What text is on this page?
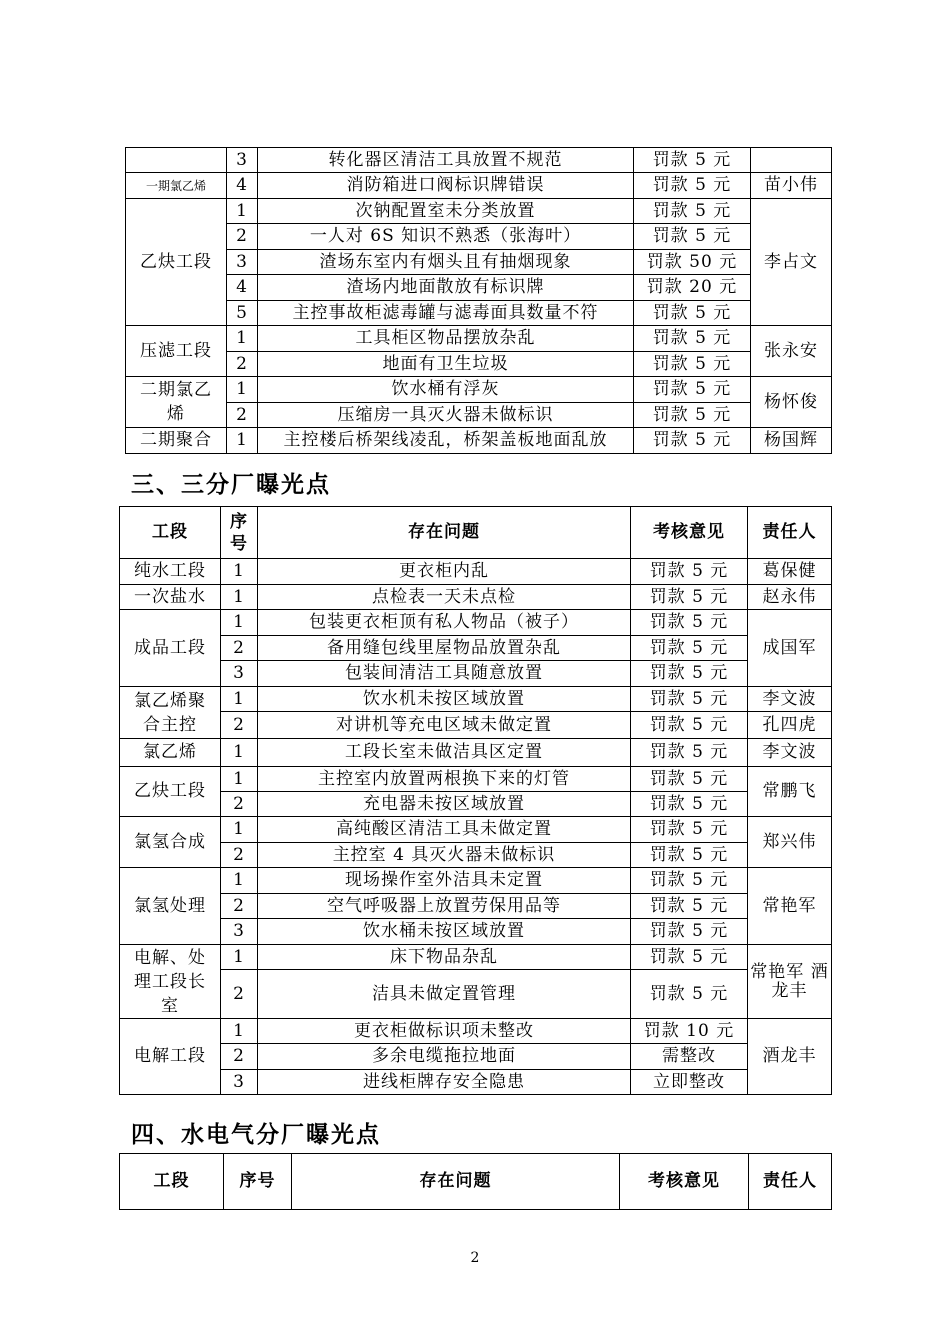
	3	转化器区清洁工具放置不规范	罚款 5 元	
一期氯乙烯	4	消防箱进口阀标识牌错误	罚款 5 元	苗小伟
乙炔工段	1	次钠配置室未分类放置	罚款 5 元	李占文
	2	一人对 6S 知识不熟悉（张海叶）	罚款 5 元	
	3	渣场东室内有烟头且有抽烟现象	罚款 50 元	
	4	渣场内地面散放有标识牌	罚款 20 元	
	5	主控事故柜滤毒罐与滤毒面具数量不符	罚款 5 元	
压滤工段	1	工具柜区物品摆放杂乱	罚款 5 元	张永安
	2	地面有卫生垃圾	罚款 5 元	
二期氯乙烯	1	饮水桶有浮灰	罚款 5 元	杨怀俊
	2	压缩房一具灭火器未做标识	罚款 5 元	
二期聚合	1	主控楼后桥架线凌乱，桥架盖板地面乱放	罚款 5 元	杨国辉
三、三分厂曝光点
工段	序号	存在问题	考核意见	责任人
纯水工段	1	更衣柜内乱	罚款 5 元	葛保健
一次盐水	1	点检表一天未点检	罚款 5 元	赵永伟
成品工段	1	包装更衣柜顶有私人物品（被子）	罚款 5 元	成国军
	2	备用缝包线里屋物品放置杂乱	罚款 5 元	
	3	包装间清洁工具随意放置	罚款 5 元	
氯乙烯聚合主控	1	饮水机未按区域放置	罚款 5 元	李文波
	2	对讲机等充电区域未做定置	罚款 5 元	孔四虎
氯乙烯	1	工段长室未做洁具区定置	罚款 5 元	李文波
乙炔工段	1	主控室内放置两根换下来的灯管	罚款 5 元	常鹏飞
	2	充电器未按区域放置	罚款 5 元	
氯氢合成	1	高纯酸区清洁工具未做定置	罚款 5 元	郑兴伟
	2	主控室 4 具灭火器未做标识	罚款 5 元	
氯氢处理	1	现场操作室外洁具未定置	罚款 5 元	常艳军
	2	空气呼吸器上放置劳保用品等	罚款 5 元	
	3	饮水桶未按区域放置	罚款 5 元	
电解、处理工段长室	1	床下物品杂乱	罚款 5 元	常艳军 酒龙丰
	2	洁具未做定置管理	罚款 5 元	
电解工段	1	更衣柜做标识项未整改	罚款 10 元	酒龙丰
	2	多余电缆拖拉地面	需整改	
	3	进线柜牌存安全隐患	立即整改	
四、水电气分厂曝光点
工段	序号	存在问题	考核意见	责任人
2
